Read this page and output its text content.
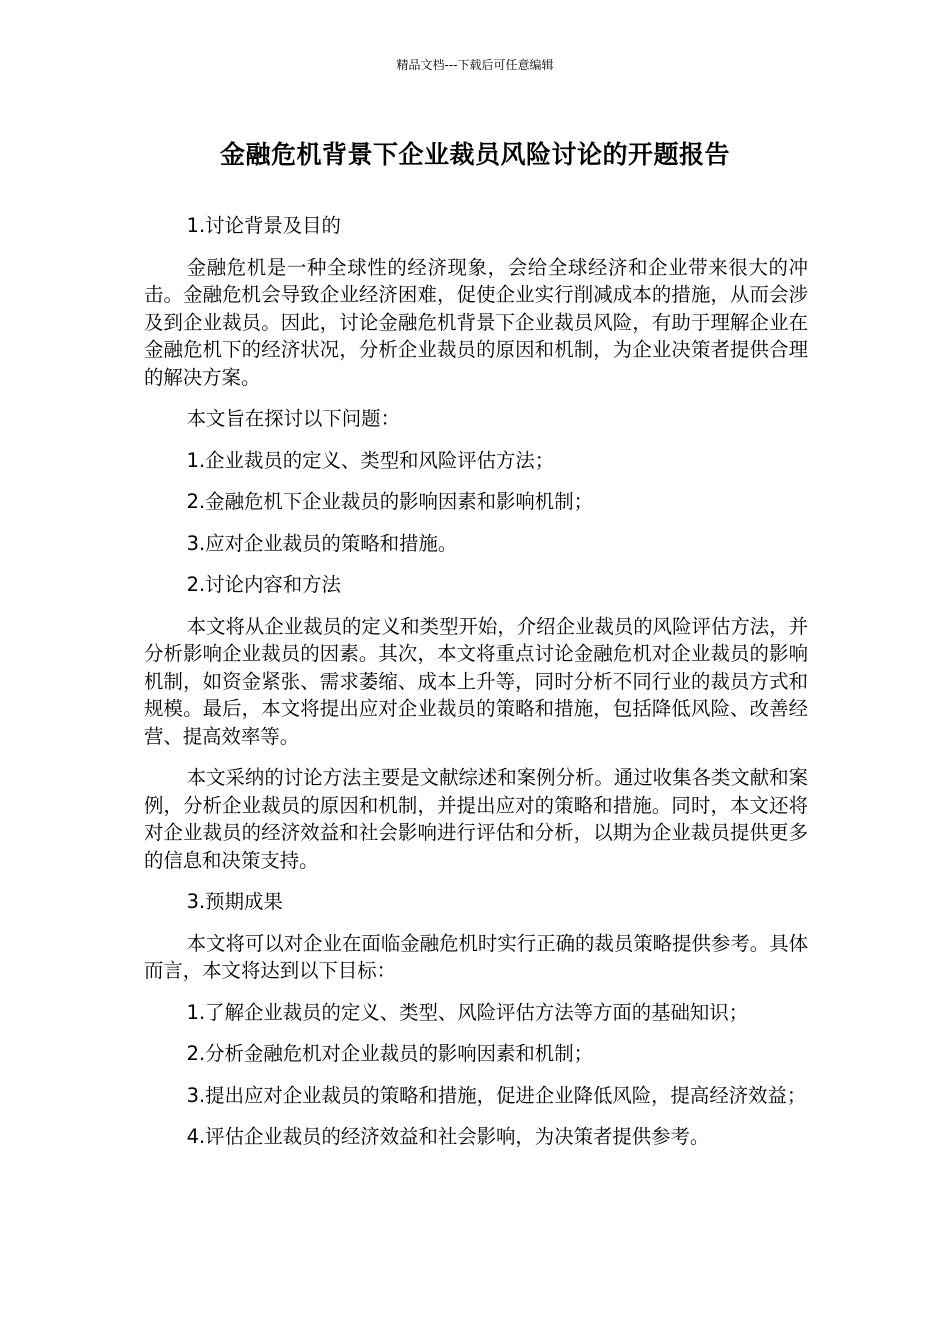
精品文档---下载后可任意编辑
金融危机背景下企业裁员风险讨论的开题报告

1.讨论背景及目的

金融危机是一种全球性的经济现象，会给全球经济和企业带来很大的冲击。金融危机会导致企业经济困难，促使企业实行削减成本的措施，从而会涉及到企业裁员。因此，讨论金融危机背景下企业裁员风险，有助于理解企业在金融危机下的经济状况，分析企业裁员的原因和机制，为企业决策者提供合理的解决方案。

本文旨在探讨以下问题：

1.企业裁员的定义、类型和风险评估方法；

2.金融危机下企业裁员的影响因素和影响机制；

3.应对企业裁员的策略和措施。

2.讨论内容和方法

本文将从企业裁员的定义和类型开始，介绍企业裁员的风险评估方法，并分析影响企业裁员的因素。其次，本文将重点讨论金融危机对企业裁员的影响机制，如资金紧张、需求萎缩、成本上升等，同时分析不同行业的裁员方式和规模。最后，本文将提出应对企业裁员的策略和措施，包括降低风险、改善经营、提高效率等。

本文采纳的讨论方法主要是文献综述和案例分析。通过收集各类文献和案例，分析企业裁员的原因和机制，并提出应对的策略和措施。同时，本文还将对企业裁员的经济效益和社会影响进行评估和分析，以期为企业裁员提供更多的信息和决策支持。

3.预期成果

本文将可以对企业在面临金融危机时实行正确的裁员策略提供参考。具体而言，本文将达到以下目标：

1.了解企业裁员的定义、类型、风险评估方法等方面的基础知识；

2.分析金融危机对企业裁员的影响因素和机制；

3.提出应对企业裁员的策略和措施，促进企业降低风险，提高经济效益；

4.评估企业裁员的经济效益和社会影响，为决策者提供参考。
